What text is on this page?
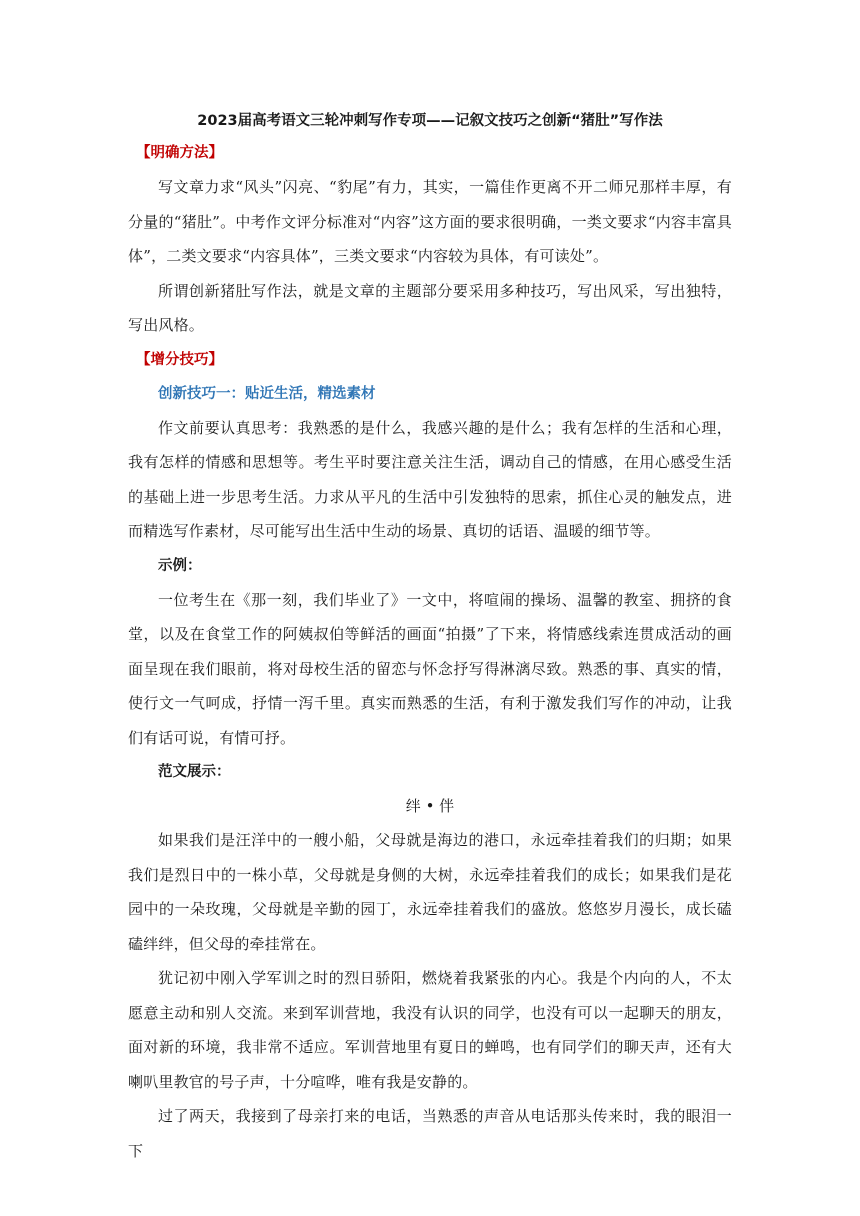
2023届高考语文三轮冲刺写作专项——记叙文技巧之创新“猪肚”写作法

【明确方法】

写文章力求“风头”闪亮、“豹尾”有力，其实，一篇佳作更离不开二师兄那样丰厚，有分量的“猪肚”。中考作文评分标准对“内容”这方面的要求很明确，一类文要求“内容丰富具体”，二类文要求“内容具体”，三类文要求“内容较为具体，有可读处”。

所谓创新猪肚写作法，就是文章的主题部分要采用多种技巧，写出风采，写出独特，写出风格。

【增分技巧】

创新技巧一：贴近生活，精选素材

作文前要认真思考：我熟悉的是什么，我感兴趣的是什么；我有怎样的生活和心理，我有怎样的情感和思想等。考生平时要注意关注生活，调动自己的情感，在用心感受生活的基础上进一步思考生活。力求从平凡的生活中引发独特的思索，抓住心灵的触发点，进而精选写作素材，尽可能写出生活中生动的场景、真切的话语、温暖的细节等。

示例：

一位考生在《那一刻，我们毕业了》一文中，将喧闹的操场、温馨的教室、拥挤的食堂，以及在食堂工作的阿姨叔伯等鲜活的画面“拍摄”了下来，将情感线索连贯成活动的画面呈现在我们眼前，将对母校生活的留恋与怀念抒写得淋漓尽致。熟悉的事、真实的情，使行文一气呵成，抒情一泻千里。真实而熟悉的生活，有利于激发我们写作的冲动，让我们有话可说，有情可抒。

范文展示：

绊 • 伴

如果我们是汪洋中的一艘小船，父母就是海边的港口，永远牵挂着我们的归期；如果我们是烈日中的一株小草，父母就是身侧的大树，永远牵挂着我们的成长；如果我们是花园中的一朵玫瑰，父母就是辛勤的园丁，永远牵挂着我们的盛放。悠悠岁月漫长，成长磕磕绊绊，但父母的牵挂常在。

犹记初中刚入学军训之时的烈日骄阳，燃烧着我紧张的内心。我是个内向的人，不太愿意主动和别人交流。来到军训营地，我没有认识的同学，也没有可以一起聊天的朋友，面对新的环境，我非常不适应。军训营地里有夏日的蝉鸣，也有同学们的聊天声，还有大喇叭里教官的号子声，十分喧哗，唯有我是安静的。

过了两天，我接到了母亲打来的电话，当熟悉的声音从电话那头传来时，我的眼泪一下
